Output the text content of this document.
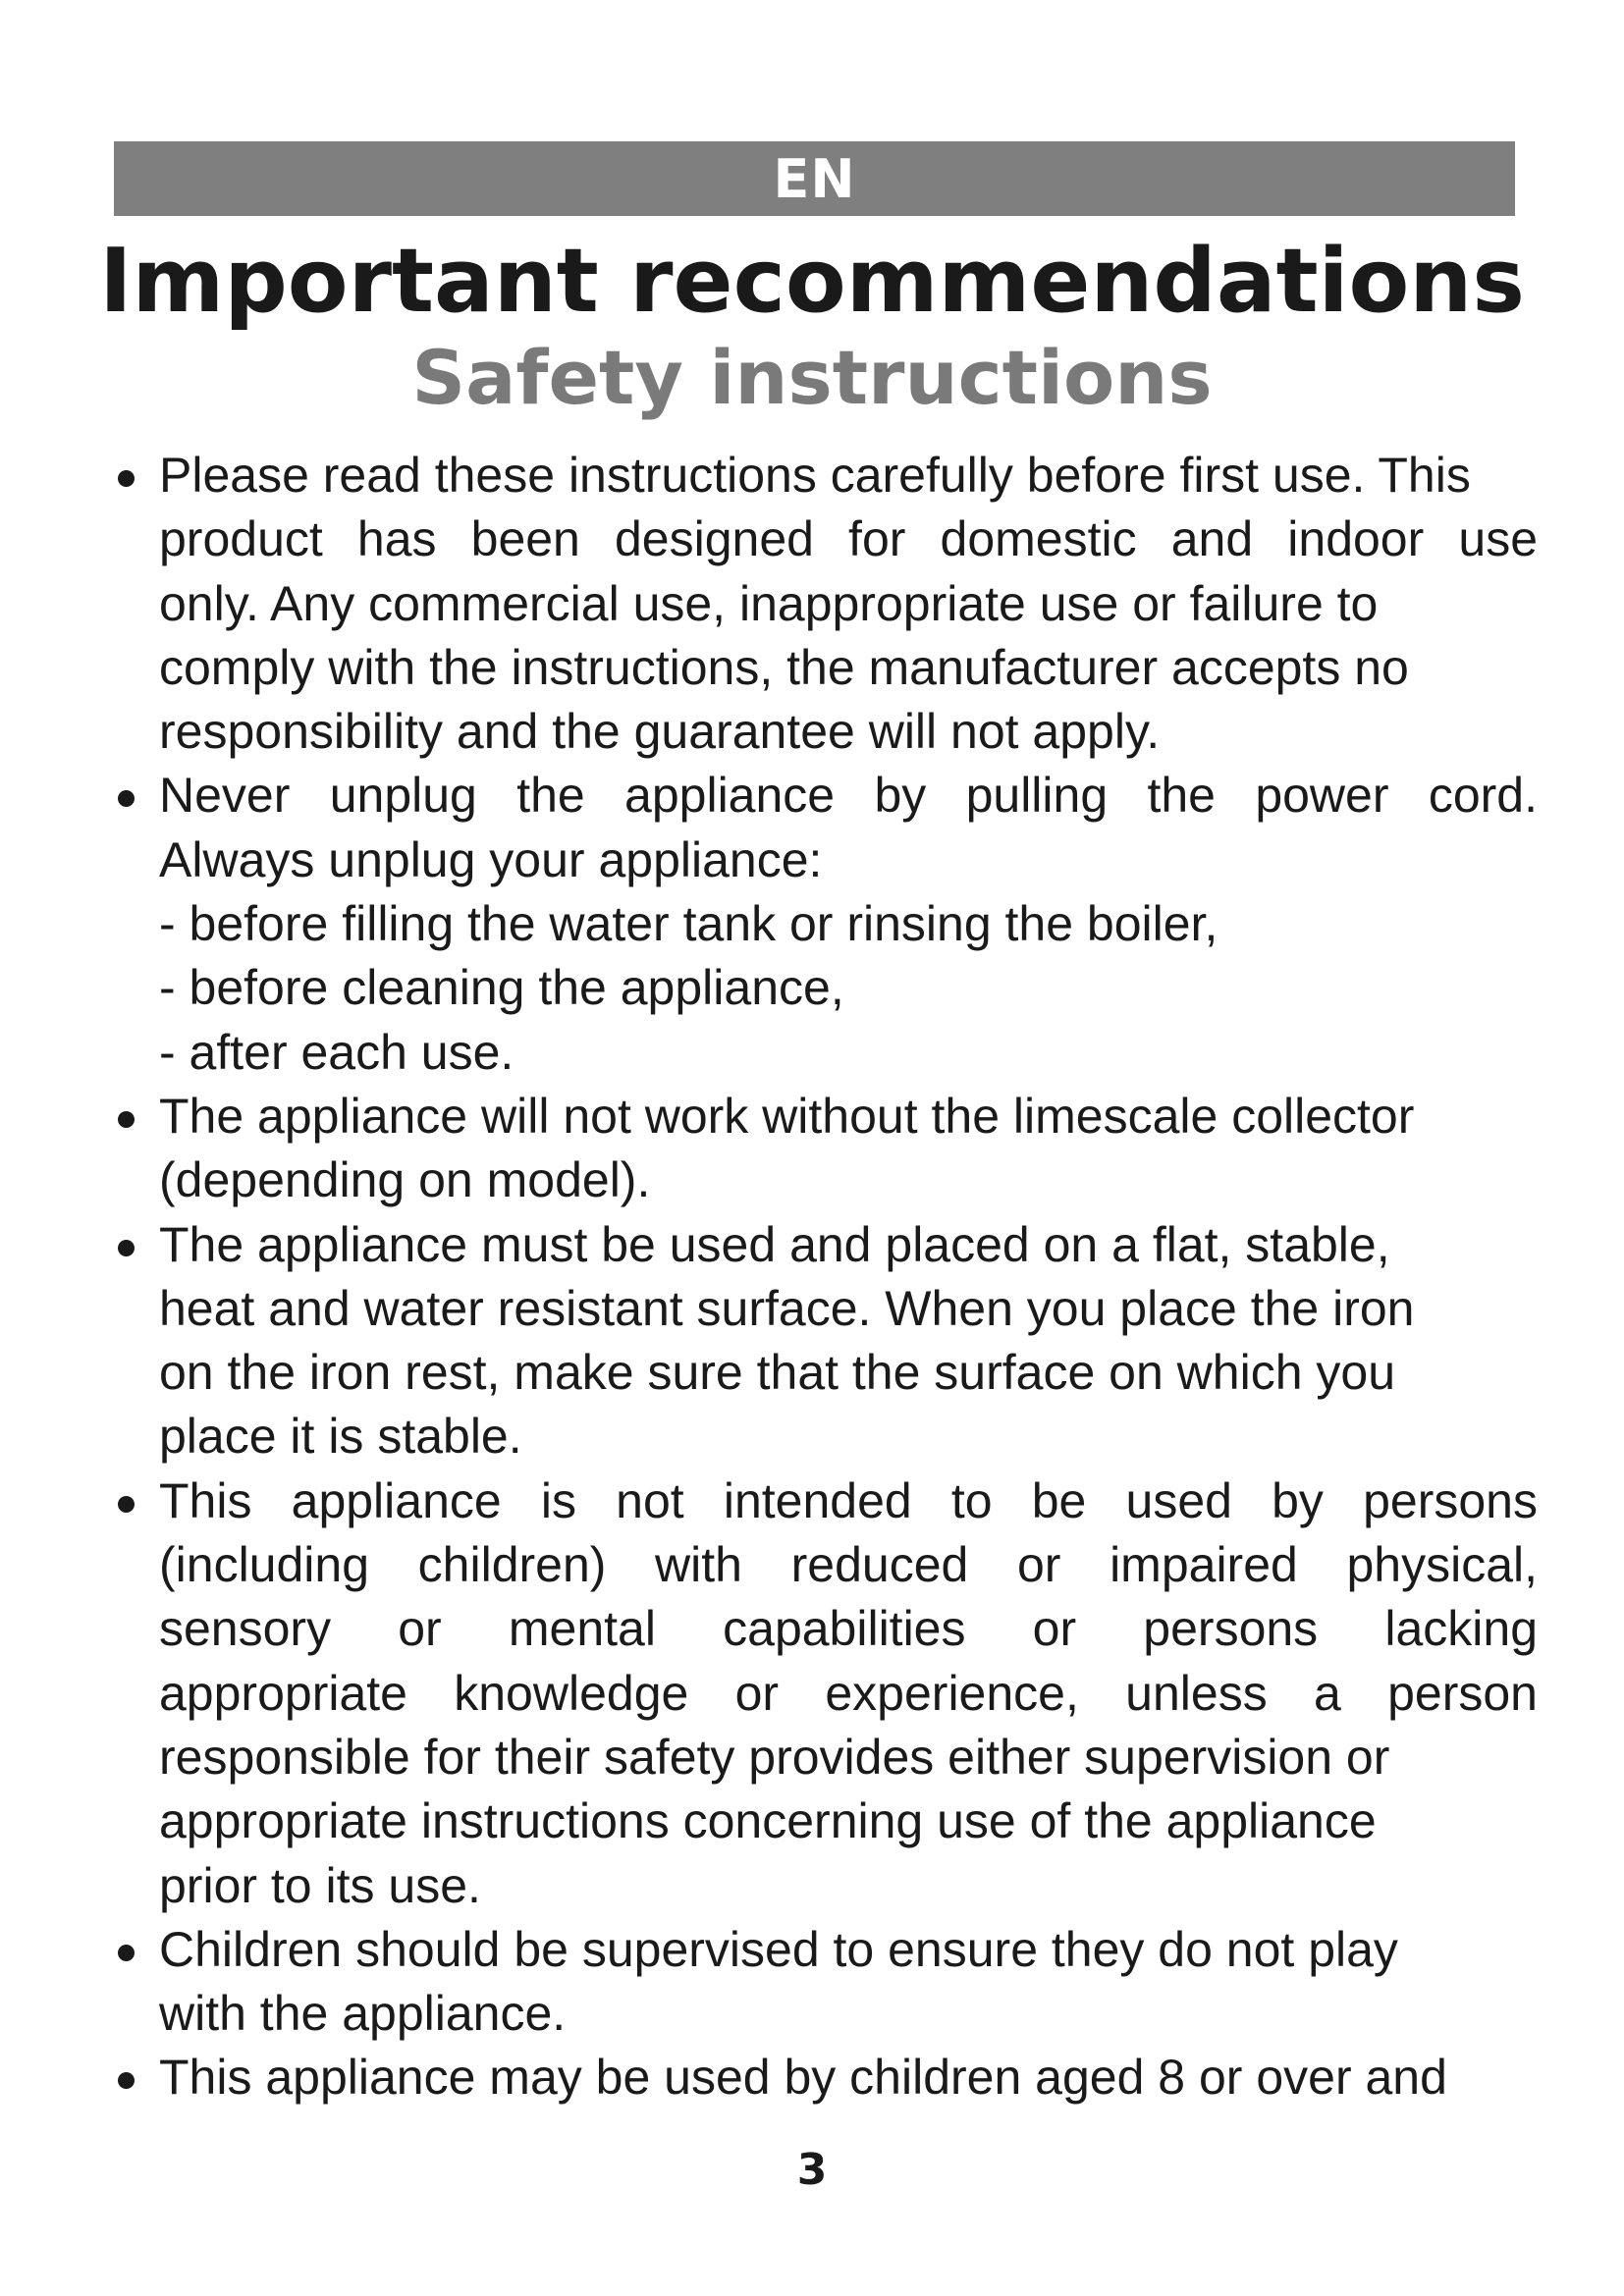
EN
Important recommendations
Safety instructions
Please read these instructions carefully before first use. This
product has been designed for domestic and indoor use
only. Any commercial use, inappropriate use or failure to
comply with the instructions, the manufacturer accepts no
responsibility and the guarantee will not apply.
Never unplug the appliance by pulling the power cord.
Always unplug your appliance:
- before filling the water tank or rinsing the boiler,
- before cleaning the appliance,
- after each use.
The appliance will not work without the limescale collector
(depending on model).
The appliance must be used and placed on a flat, stable,
heat and water resistant surface. When you place the iron
on the iron rest, make sure that the surface on which you
place it is stable.
This appliance is not intended to be used by persons
(including children) with reduced or impaired physical,
sensory or mental capabilities or persons lacking
appropriate knowledge or experience, unless a person
responsible for their safety provides either supervision or
appropriate instructions concerning use of the appliance
prior to its use.
Children should be supervised to ensure they do not play
with the appliance.
This appliance may be used by children aged 8 or over and
3
